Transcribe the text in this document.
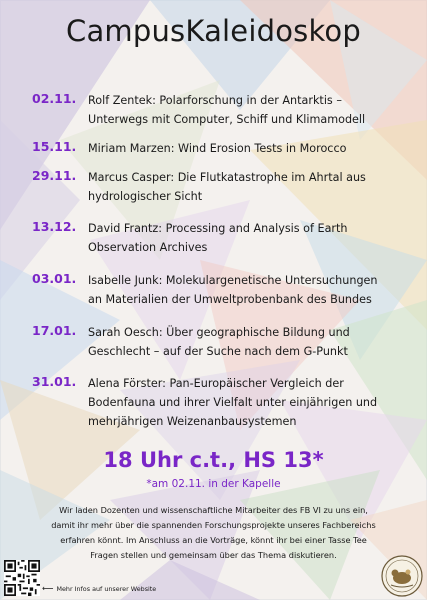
CampusKaleidoskop
02.11. Rolf Zentek: Polarforschung in der Antarktis –
Unterwegs mit Computer, Schiff und Klimamodell
15.11. Miriam Marzen: Wind Erosion Tests in Morocco
29.11. Marcus Casper: Die Flutkatastrophe im Ahrtal aus
hydrologischer Sicht
13.12. David Frantz: Processing and Analysis of Earth
Observation Archives
03.01. Isabelle Junk: Molekulargenetische Untersuchungen
an Materialien der Umweltprobenbank des Bundes
17.01. Sarah Oesch: Über geographische Bildung und
Geschlecht – auf der Suche nach dem G-Punkt
31.01. Alena Förster: Pan-Europäischer Vergleich der
Bodenfauna und ihrer Vielfalt unter einjährigen und
mehrjährigen Weizenanbausystemen
18 Uhr c.t., HS 13*
*am 02.11. in der Kapelle
Wir laden Dozenten und wissenschaftliche Mitarbeiter des FB VI zu uns ein,
damit ihr mehr über die spannenden Forschungsprojekte unseres Fachbereichs
erfahren könnt. Im Anschluss an die Vorträge, könnt ihr bei einer Tasse Tee
Fragen stellen und gemeinsam über das Thema diskutieren.
⟵ Mehr Infos auf unserer Website
